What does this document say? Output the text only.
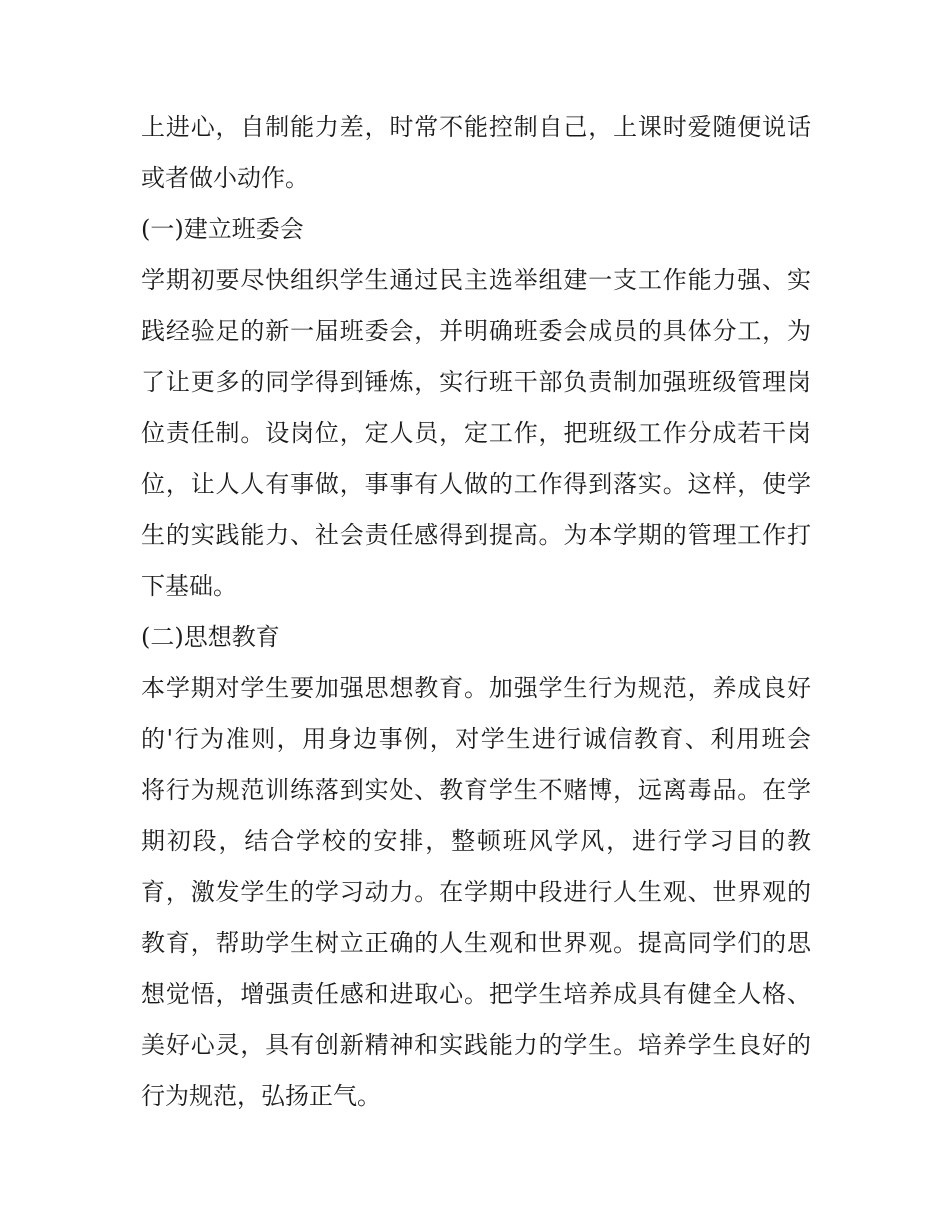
上进心，自制能力差，时常不能控制自己，上课时爱随便说话
或者做小动作。
(一)建立班委会
学期初要尽快组织学生通过民主选举组建一支工作能力强、实
践经验足的新一届班委会，并明确班委会成员的具体分工，为
了让更多的同学得到锤炼，实行班干部负责制加强班级管理岗
位责任制。设岗位，定人员，定工作，把班级工作分成若干岗
位，让人人有事做，事事有人做的工作得到落实。这样，使学
生的实践能力、社会责任感得到提高。为本学期的管理工作打
下基础。
(二)思想教育
本学期对学生要加强思想教育。加强学生行为规范，养成良好
的'行为准则，用身边事例，对学生进行诚信教育、利用班会
将行为规范训练落到实处、教育学生不赌博，远离毒品。在学
期初段，结合学校的安排，整顿班风学风，进行学习目的教
育，激发学生的学习动力。在学期中段进行人生观、世界观的
教育，帮助学生树立正确的人生观和世界观。提高同学们的思
想觉悟，增强责任感和进取心。把学生培养成具有健全人格、
美好心灵，具有创新精神和实践能力的学生。培养学生良好的
行为规范，弘扬正气。
